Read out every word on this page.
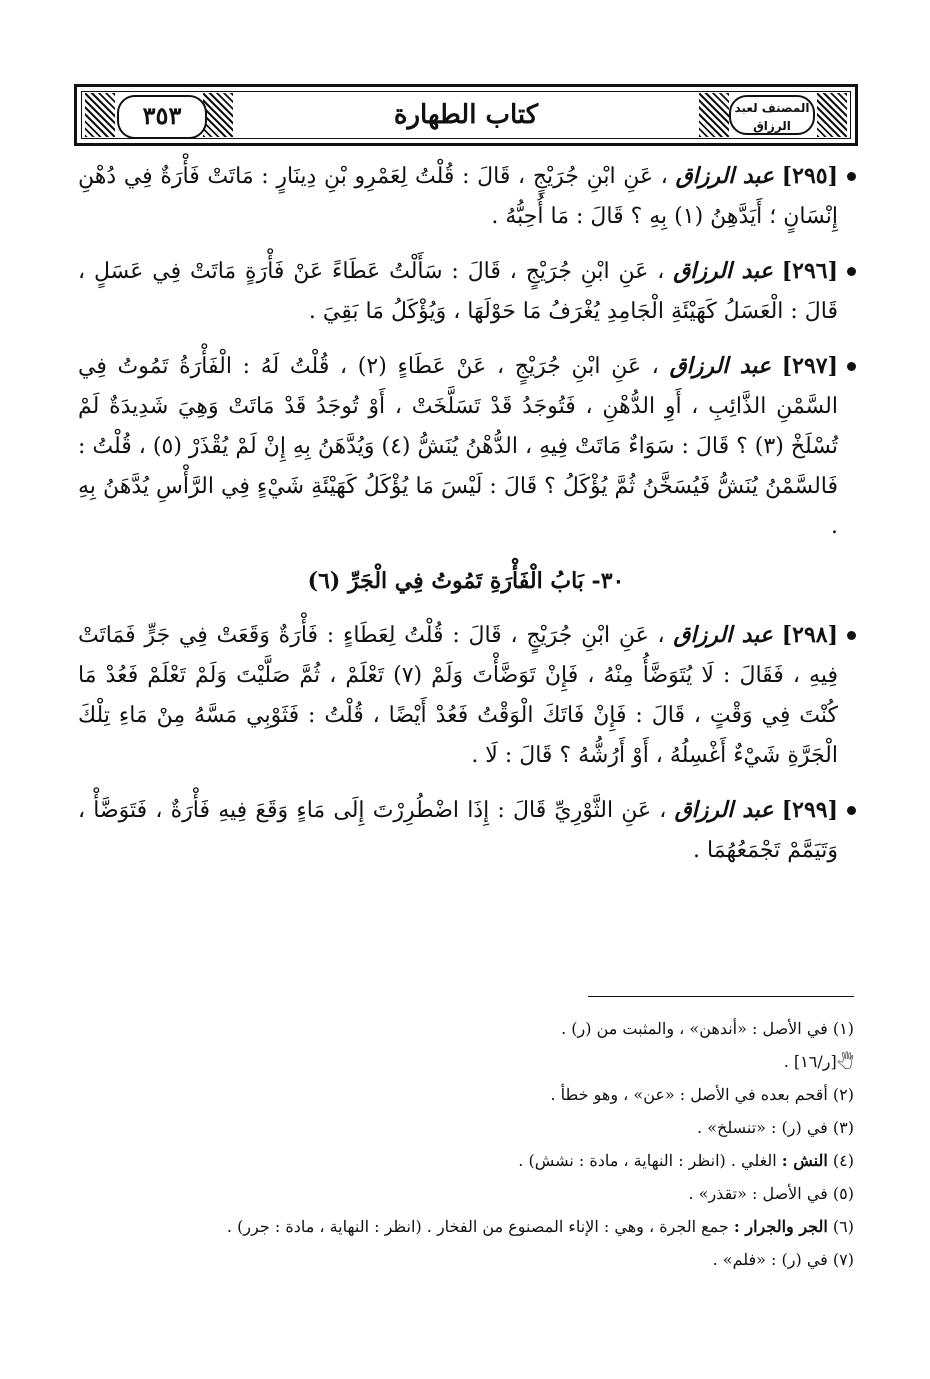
٣٥٣	كتاب الطهارة	المصنف لعبد الرزاق

[٢٩٥] عبد الرزاق ، عَنِ ابْنِ جُرَيْجٍ ، قَالَ : قُلْتُ لِعَمْرِو بْنِ دِينَارٍ : مَاتَتْ فَأْرَةٌ فِي دُهْنِ إِنْسَانٍ ؛ أَيَدَّهِنُ (١) بِهِ ؟ قَالَ : مَا أُحِبُّهُ .

[٢٩٦] عبد الرزاق ، عَنِ ابْنِ جُرَيْجٍ ، قَالَ : سَأَلْتُ عَطَاءً عَنْ فَأْرَةٍ مَاتَتْ فِي عَسَلٍ ، قَالَ : الْعَسَلُ كَهَيْئَةِ الْجَامِدِ يُغْرَفُ مَا حَوْلَهَا ، وَيُؤْكَلُ مَا بَقِيَ .

[٢٩٧] عبد الرزاق ، عَنِ ابْنِ جُرَيْجٍ ، عَنْ عَطَاءٍ (٢) ، قُلْتُ لَهُ : الْفَأْرَةُ تَمُوتُ فِي السَّمْنِ الذَّائِبِ ، أَوِ الدُّهْنِ ، فَتُوجَدُ قَدْ تَسَلَّخَتْ ، أَوْ تُوجَدُ قَدْ مَاتَتْ وَهِيَ شَدِيدَةٌ لَمْ تُسْلَخْ (٣) ؟ قَالَ : سَوَاءٌ مَاتَتْ فِيهِ ، الدُّهْنُ يُنَشُّ (٤) وَيُدَّهَنُ بِهِ إِنْ لَمْ يُقْذَرْ (٥) ، قُلْتُ : فَالسَّمْنُ يُنَشُّ فَيُسَخَّنُ ثُمَّ يُؤْكَلُ ؟ قَالَ : لَيْسَ مَا يُؤْكَلُ كَهَيْئَةِ شَيْءٍ فِي الرَّأْسِ يُدَّهَنُ بِهِ .

٣٠- بَابُ الْفَأْرَةِ تَمُوتُ فِي الْجَرِّ (٦)

[٢٩٨] عبد الرزاق ، عَنِ ابْنِ جُرَيْجٍ ، قَالَ : قُلْتُ لِعَطَاءٍ : فَأْرَةٌ وَقَعَتْ فِي جَرٍّ فَمَاتَتْ فِيهِ ، فَقَالَ : لَا يُتَوَضَّأُ مِنْهُ ، فَإِنْ تَوَضَّأْتَ وَلَمْ (٧) تَعْلَمْ ، ثُمَّ صَلَّيْتَ وَلَمْ تَعْلَمْ فَعُدْ مَا كُنْتَ فِي وَقْتٍ ، قَالَ : فَإِنْ فَاتَكَ الْوَقْتُ فَعُدْ أَيْضًا ، قُلْتُ : فَثَوْبِي مَسَّهُ مِنْ مَاءِ تِلْكَ الْجَرَّةِ شَيْءٌ أَغْسِلُهُ ، أَوْ أَرُشُّهُ ؟ قَالَ : لَا .

[٢٩٩] عبد الرزاق ، عَنِ الثَّوْرِيِّ قَالَ : إِذَا اضْطُرِرْتَ إِلَى مَاءٍ وَقَعَ فِيهِ فَأْرَةٌ ، فَتَوَضَّأْ ، وَتَيَمَّمْ تَجْمَعُهُمَا .

(١) في الأصل : «أندهن» ، والمثبت من (ر) .
🖑[ر/١٦] .
(٢) أقحم بعده في الأصل : «عن» ، وهو خطأ .
(٣) في (ر) : «تنسلخ» .
(٤) النش : الغلي . (انظر : النهاية ، مادة : نشش) .
(٥) في الأصل : «تقذر» .
(٦) الجر والجرار : جمع الجرة ، وهي : الإناء المصنوع من الفخار . (انظر : النهاية ، مادة : جرر) .
(٧) في (ر) : «فلم» .
